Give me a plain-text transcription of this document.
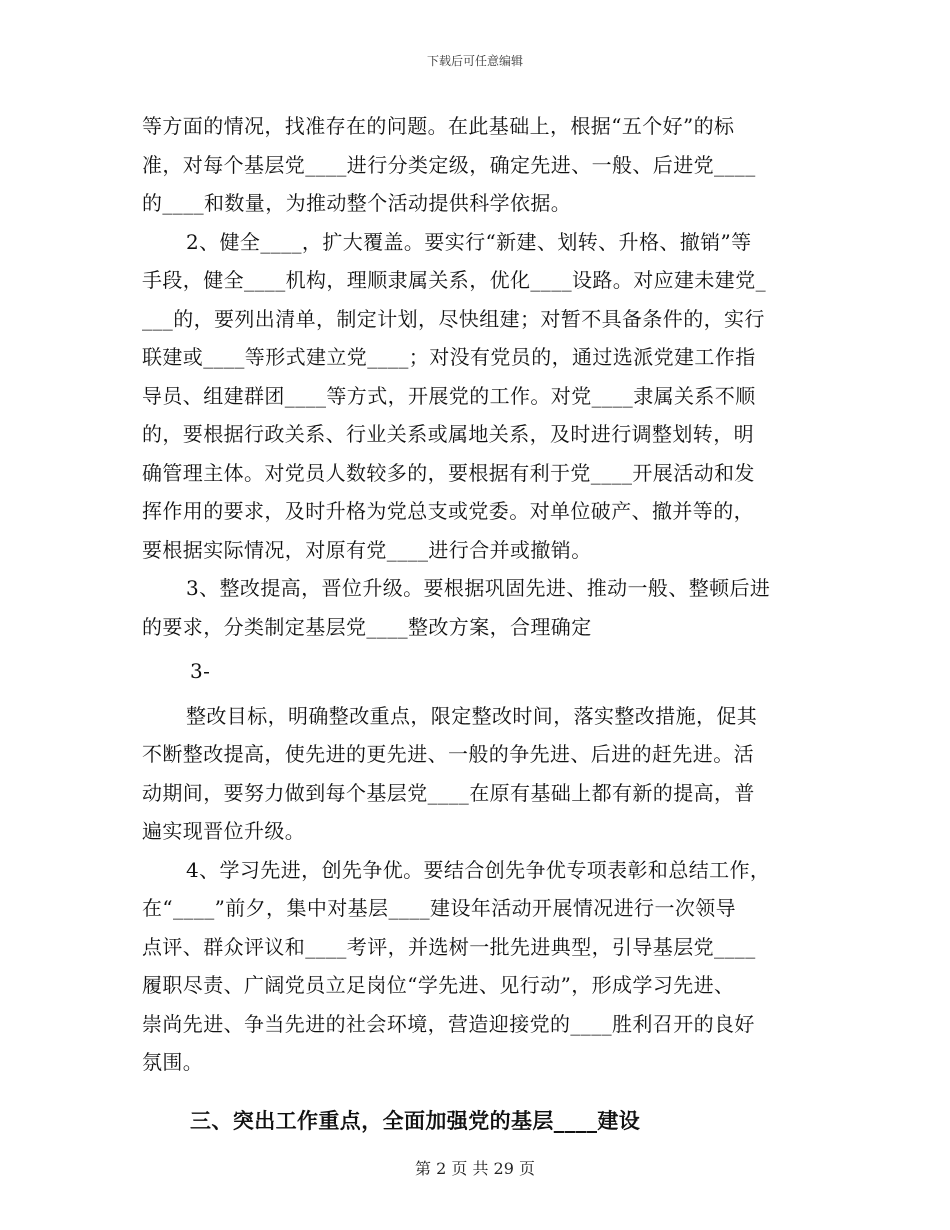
下载后可任意编辑
等方面的情况，找准存在的问题。在此基础上，根据“五个好”的标
准，对每个基层党____进行分类定级，确定先进、一般、后进党____
的____和数量，为推动整个活动提供科学依据。
2、健全____，扩大覆盖。要实行“新建、划转、升格、撤销”等
手段，健全____机构，理顺隶属关系，优化____设路。对应建未建党_
___的，要列出清单，制定计划，尽快组建；对暂不具备条件的，实行
联建或____等形式建立党____；对没有党员的，通过选派党建工作指
导员、组建群团____等方式，开展党的工作。对党____隶属关系不顺
的，要根据行政关系、行业关系或属地关系，及时进行调整划转，明
确管理主体。对党员人数较多的，要根据有利于党____开展活动和发
挥作用的要求，及时升格为党总支或党委。对单位破产、撤并等的，
要根据实际情况，对原有党____进行合并或撤销。
3、整改提高，晋位升级。要根据巩固先进、推动一般、整顿后进
的要求，分类制定基层党____整改方案，合理确定
3-
整改目标，明确整改重点，限定整改时间，落实整改措施，促其
不断整改提高，使先进的更先进、一般的争先进、后进的赶先进。活
动期间，要努力做到每个基层党____在原有基础上都有新的提高，普
遍实现晋位升级。
4、学习先进，创先争优。要结合创先争优专项表彰和总结工作，
在“____”前夕，集中对基层____建设年活动开展情况进行一次领导
点评、群众评议和____考评，并选树一批先进典型，引导基层党____
履职尽责、广阔党员立足岗位“学先进、见行动”，形成学习先进、
崇尚先进、争当先进的社会环境，营造迎接党的____胜利召开的良好
氛围。
三、突出工作重点，全面加强党的基层____建设
第 2 页 共 29 页
